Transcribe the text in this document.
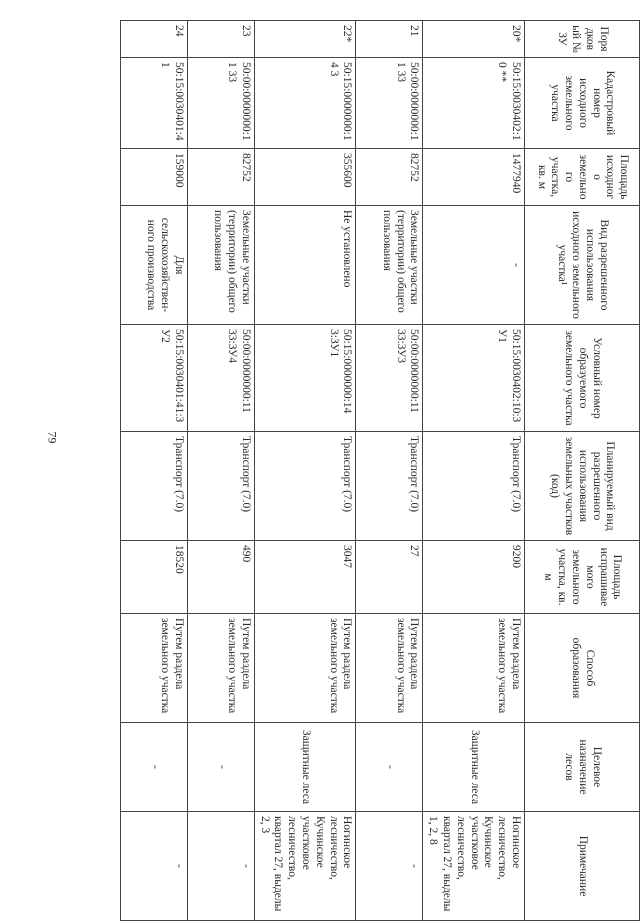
79
Порядковый № ЗУ	Кадастровый номер исходного земельного участка	Площадь исходного земельного участка, кв. м	Вид разрешенного использования исходного земельного участка¹	Условный номер образуемого земельного участка	Планируемый вид разрешенного использования земельных участков (код)	Площадь испрашиваемого земельного участка, кв. м	Способ образования	Целевое назначение лесов	Примечание
20*	50:15:0030402:10 **	1477940	-	50:15:0030402:10:ЗУ1	Транспорт (7.0)	9200	Путем раздела земельного участка	Защитные леса	Ногинское лесничество, Кучинское участковое лесничество, квартал 27, выделы 1, 2, 8
21	50:00:0000000:11 33	82752	Земельные участки (территории) общего пользования	50:00:0000000:11 33:ЗУ3	Транспорт (7.0)	27	Путем раздела земельного участка	-	-
22*	50:15:0000000:14 3	355600	Не установлено	50:15:0000000:14 3:ЗУ1	Транспорт (7.0)	3047	Путем раздела земельного участка	Защитные леса	Ногинское лесничество, Кучинское участковое лесничество, квартал 27, выделы 2, 3
23	50:00:0000000:11 33	82752	Земельные участки (территории) общего пользования	50:00:0000000:11 33:ЗУ4	Транспорт (7.0)	490	Путем раздела земельного участка	-	-
24	50:15:0030401:41	159000	Для сельскохозяйствен-ного производства	50:15:0030401:41:ЗУ2	Транспорт (7.0)	18520	Путем раздела земельного участка	-	-
